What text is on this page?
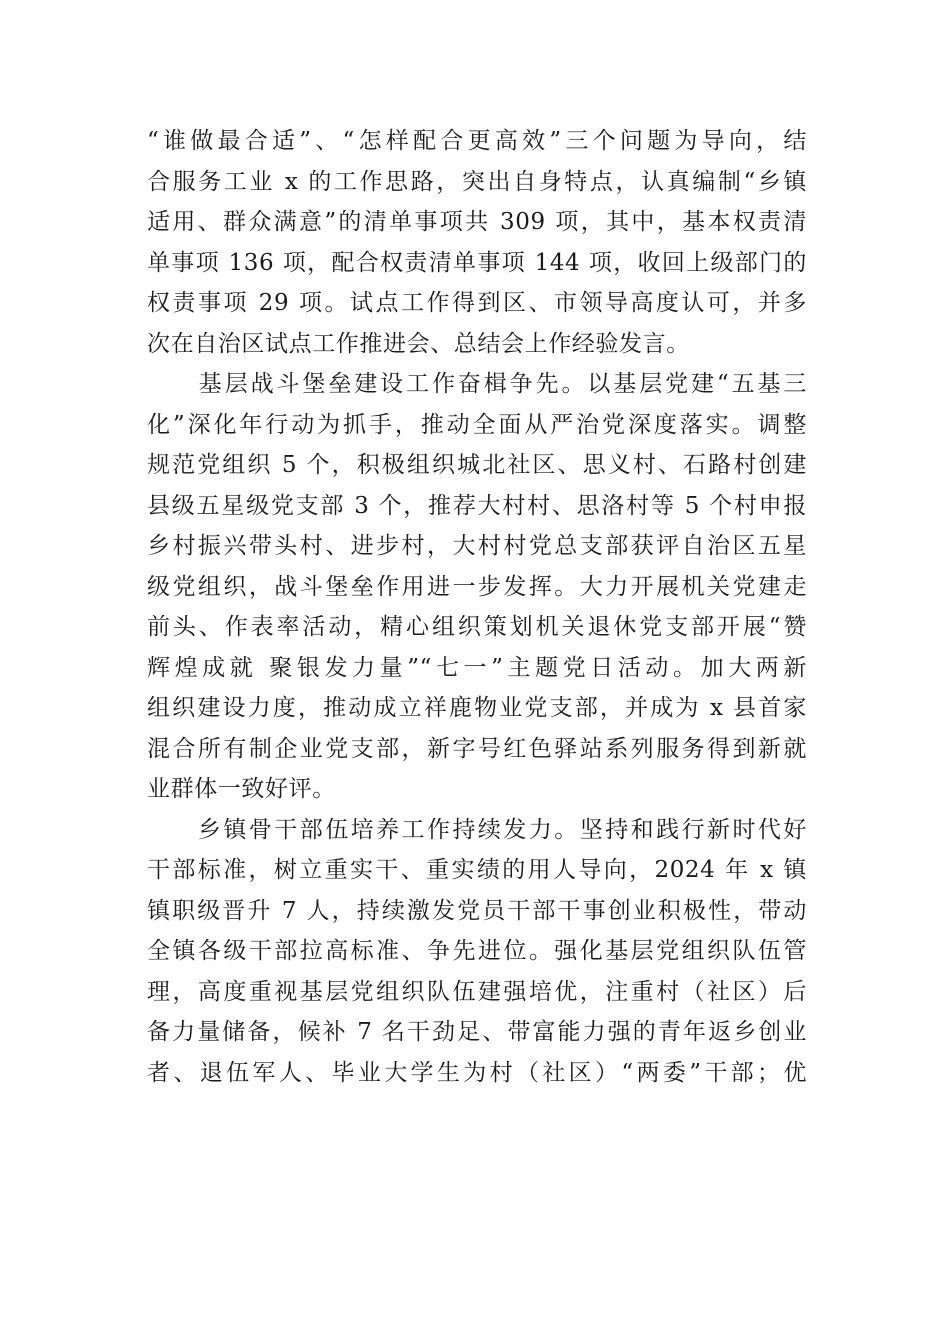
“谁做最合适”、“怎样配合更高效”三个问题为导向，结
合服务工业 x 的工作思路，突出自身特点，认真编制“乡镇
适用、群众满意”的清单事项共 309 项，其中，基本权责清
单事项 136 项，配合权责清单事项 144 项，收回上级部门的
权责事项 29 项。试点工作得到区、市领导高度认可，并多
次在自治区试点工作推进会、总结会上作经验发言。
　　基层战斗堡垒建设工作奋楫争先。以基层党建“五基三
化”深化年行动为抓手，推动全面从严治党深度落实。调整
规范党组织 5 个，积极组织城北社区、思义村、石路村创建
县级五星级党支部 3 个，推荐大村村、思洛村等 5 个村申报
乡村振兴带头村、进步村，大村村党总支部获评自治区五星
级党组织，战斗堡垒作用进一步发挥。大力开展机关党建走
前头、作表率活动，精心组织策划机关退休党支部开展“赞
辉煌成就 聚银发力量”“七一”主题党日活动。加大两新
组织建设力度，推动成立祥鹿物业党支部，并成为 x 县首家
混合所有制企业党支部，新字号红色驿站系列服务得到新就
业群体一致好评。
　　乡镇骨干部伍培养工作持续发力。坚持和践行新时代好
干部标准，树立重实干、重实绩的用人导向，2024 年 x 镇
镇职级晋升 7 人，持续激发党员干部干事创业积极性，带动
全镇各级干部拉高标准、争先进位。强化基层党组织队伍管
理，高度重视基层党组织队伍建强培优，注重村（社区）后
备力量储备，候补 7 名干劲足、带富能力强的青年返乡创业
者、退伍军人、毕业大学生为村（社区）“两委”干部；优
